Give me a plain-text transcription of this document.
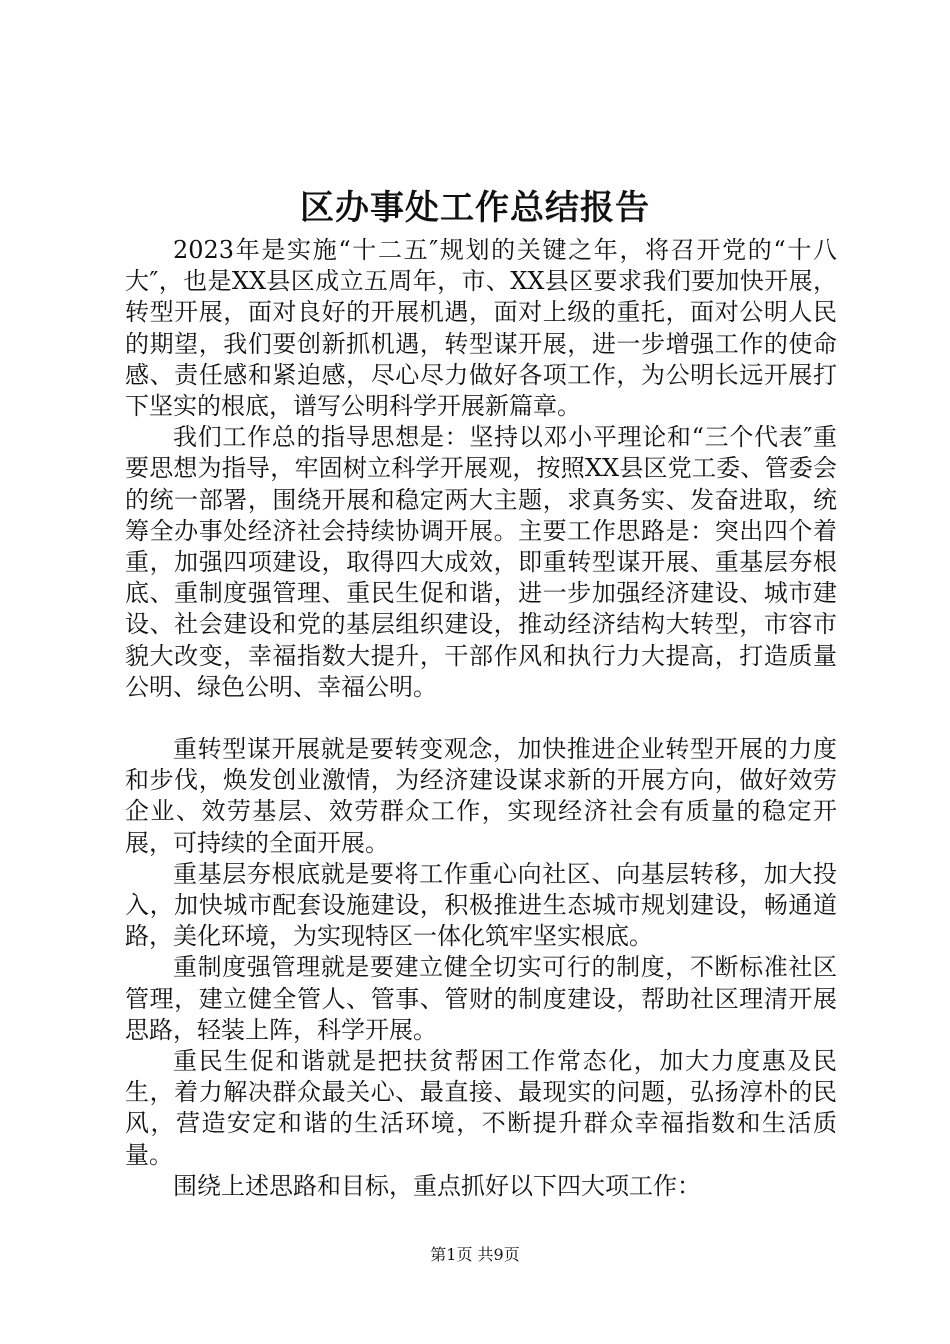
区办事处工作总结报告

2023年是实施“十二五″规划的关键之年，将召开党的“十八大″，也是XX县区成立五周年，市、XX县区要求我们要加快开展，转型开展，面对良好的开展机遇，面对上级的重托，面对公明人民的期望，我们要创新抓机遇，转型谋开展，进一步增强工作的使命感、责任感和紧迫感，尽心尽力做好各项工作，为公明长远开展打下坚实的根底，谱写公明科学开展新篇章。

我们工作总的指导思想是：坚持以邓小平理论和“三个代表″重要思想为指导，牢固树立科学开展观，按照XX县区党工委、管委会的统一部署，围绕开展和稳定两大主题，求真务实、发奋进取，统筹全办事处经济社会持续协调开展。主要工作思路是：突出四个着重，加强四项建设，取得四大成效，即重转型谋开展、重基层夯根底、重制度强管理、重民生促和谐，进一步加强经济建设、城市建设、社会建设和党的基层组织建设，推动经济结构大转型，市容市貌大改变，幸福指数大提升，干部作风和执行力大提高，打造质量公明、绿色公明、幸福公明。

重转型谋开展就是要转变观念，加快推进企业转型开展的力度和步伐，焕发创业激情，为经济建设谋求新的开展方向，做好效劳企业、效劳基层、效劳群众工作，实现经济社会有质量的稳定开展，可持续的全面开展。

重基层夯根底就是要将工作重心向社区、向基层转移，加大投入，加快城市配套设施建设，积极推进生态城市规划建设，畅通道路，美化环境，为实现特区一体化筑牢坚实根底。

重制度强管理就是要建立健全切实可行的制度，不断标准社区管理，建立健全管人、管事、管财的制度建设，帮助社区理清开展思路，轻装上阵，科学开展。

重民生促和谐就是把扶贫帮困工作常态化，加大力度惠及民生，着力解决群众最关心、最直接、最现实的问题，弘扬淳朴的民风，营造安定和谐的生活环境，不断提升群众幸福指数和生活质量。

围绕上述思路和目标，重点抓好以下四大项工作：

第1页 共9页
